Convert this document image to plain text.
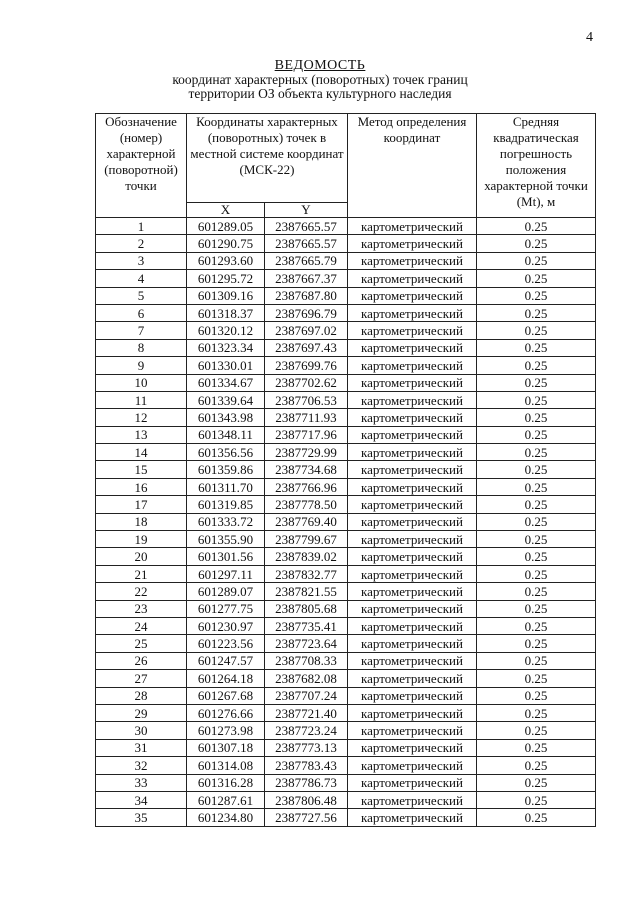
4
ВЕДОМОСТЬ
координат характерных (поворотных) точек границ
территории ОЗ объекта культурного наследия
Обозначение (номер) характерной (поворотной) точки	Координаты характерных (поворотных) точек в местной системе координат (МСК-22)		Метод определения координат	Средняя квадратическая погрешность положения характерной точки (Mt), м
	X	Y		
1	601289.05	2387665.57	картометрический	0.25
2	601290.75	2387665.57	картометрический	0.25
3	601293.60	2387665.79	картометрический	0.25
4	601295.72	2387667.37	картометрический	0.25
5	601309.16	2387687.80	картометрический	0.25
6	601318.37	2387696.79	картометрический	0.25
7	601320.12	2387697.02	картометрический	0.25
8	601323.34	2387697.43	картометрический	0.25
9	601330.01	2387699.76	картометрический	0.25
10	601334.67	2387702.62	картометрический	0.25
11	601339.64	2387706.53	картометрический	0.25
12	601343.98	2387711.93	картометрический	0.25
13	601348.11	2387717.96	картометрический	0.25
14	601356.56	2387729.99	картометрический	0.25
15	601359.86	2387734.68	картометрический	0.25
16	601311.70	2387766.96	картометрический	0.25
17	601319.85	2387778.50	картометрический	0.25
18	601333.72	2387769.40	картометрический	0.25
19	601355.90	2387799.67	картометрический	0.25
20	601301.56	2387839.02	картометрический	0.25
21	601297.11	2387832.77	картометрический	0.25
22	601289.07	2387821.55	картометрический	0.25
23	601277.75	2387805.68	картометрический	0.25
24	601230.97	2387735.41	картометрический	0.25
25	601223.56	2387723.64	картометрический	0.25
26	601247.57	2387708.33	картометрический	0.25
27	601264.18	2387682.08	картометрический	0.25
28	601267.68	2387707.24	картометрический	0.25
29	601276.66	2387721.40	картометрический	0.25
30	601273.98	2387723.24	картометрический	0.25
31	601307.18	2387773.13	картометрический	0.25
32	601314.08	2387783.43	картометрический	0.25
33	601316.28	2387786.73	картометрический	0.25
34	601287.61	2387806.48	картометрический	0.25
35	601234.80	2387727.56	картометрический	0.25
